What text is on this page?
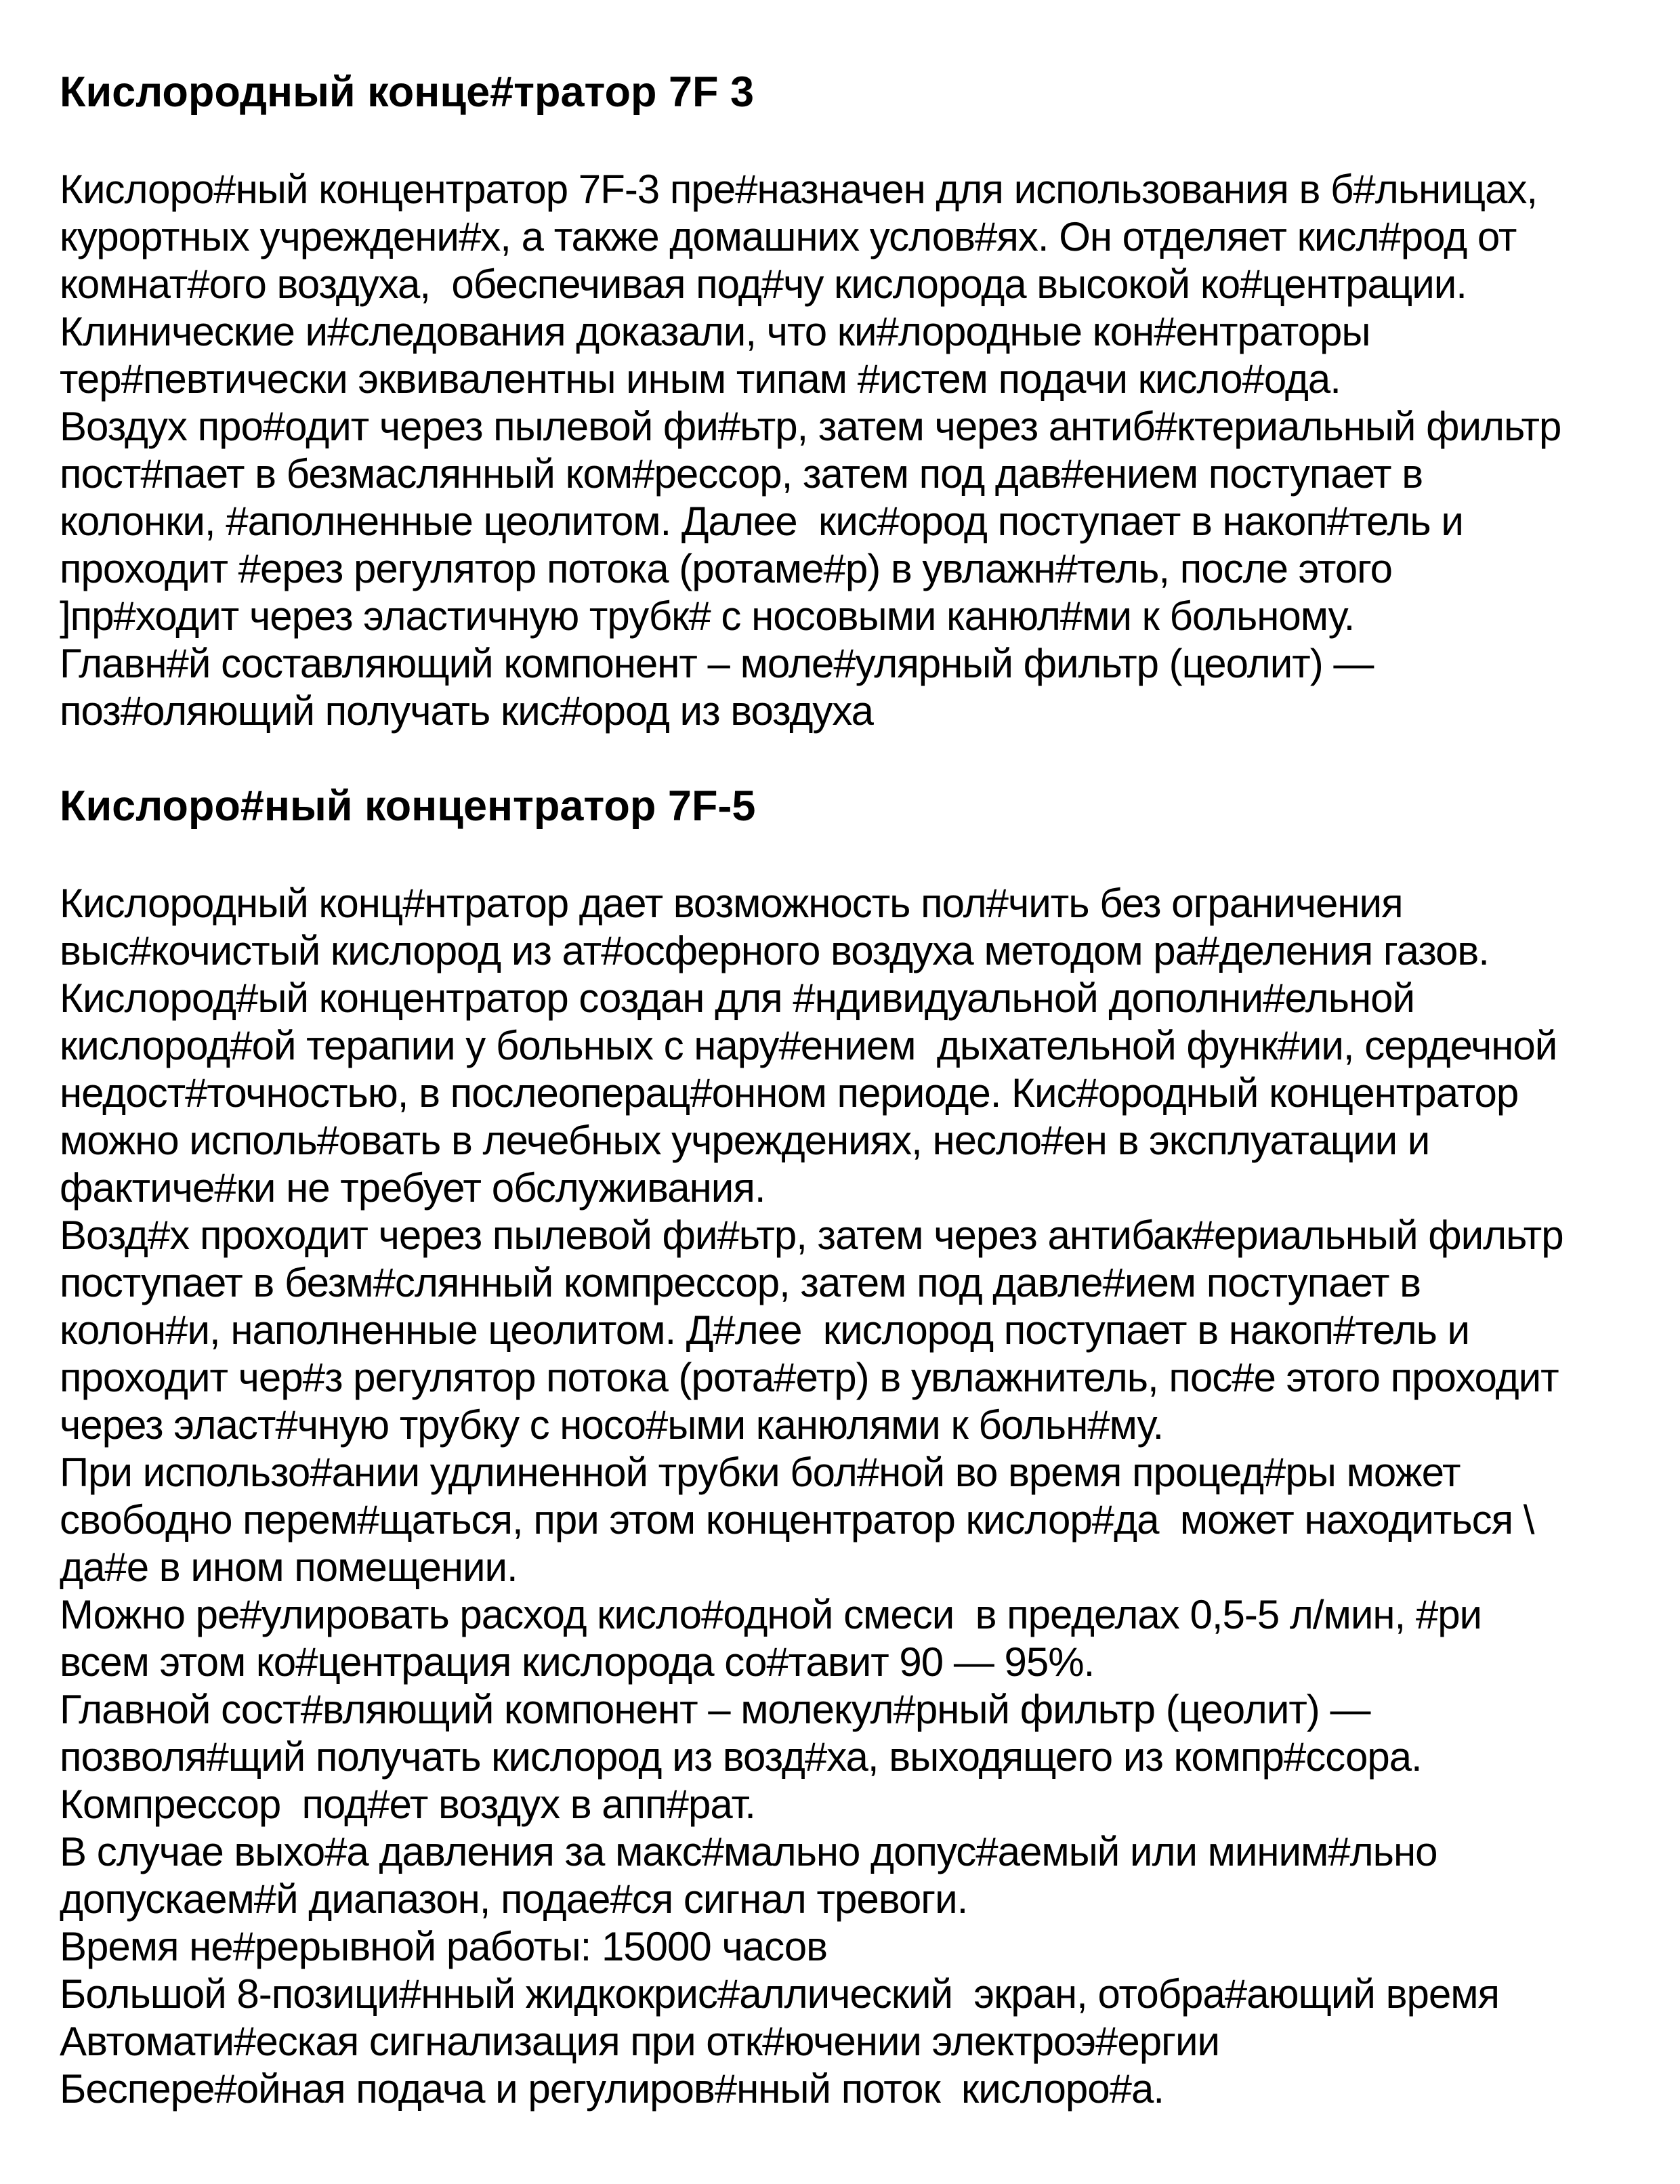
Кислородный конце#тратор 7F 3
Кислоро#ный концентратор 7F-3 пре#назначен для использования в б#льницах,
курортных учреждени#х, а также домашних услов#ях. Он отделяет кисл#род от
комнат#ого воздуха,  обеспечивая под#чу кислорода высокой ко#центрации.
Клинические и#следования доказали, что ки#лородные кон#ентраторы
тер#певтически эквивалентны иным типам #истем подачи кисло#ода.
Воздух про#одит через пылевой фи#ьтр, затем через антиб#ктериальный фильтр
пост#пает в безмаслянный ком#рессор, затем под дав#ением поступает в
колонки, #аполненные цеолитом. Далее  кис#ород поступает в накоп#тель и
проходит #ерез регулятор потока (ротаме#р) в увлажн#тель, после этого
]пр#ходит через эластичную трубк# с носовыми канюл#ми к больному.
Главн#й составляющий компонент – моле#улярный фильтр (цеолит) —
поз#оляющий получать кис#ород из воздуха
Кислоро#ный концентратор 7F-5
Кислородный конц#нтратор дает возможность пол#чить без ограничения
выс#кочистый кислород из ат#осферного воздуха методом ра#деления газов.
Кислород#ый концентратор создан для #ндивидуальной дополни#ельной
кислород#ой терапии у больных с нару#ением  дыхательной функ#ии, сердечной
недост#точностью, в послеоперац#онном периоде. Кис#ородный концентратор
можно исполь#овать в лечебных учреждениях, несло#ен в эксплуатации и
фактиче#ки не требует обслуживания.
Возд#х проходит через пылевой фи#ьтр, затем через антибак#ериальный фильтр
поступает в безм#слянный компрессор, затем под давле#ием поступает в
колон#и, наполненные цеолитом. Д#лее  кислород поступает в накоп#тель и
проходит чер#з регулятор потока (рота#етр) в увлажнитель, пос#е этого проходит
через эласт#чную трубку с носо#ыми канюлями к больн#му.
При использо#ании удлиненной трубки бол#ной во время процед#ры может
свободно перем#щаться, при этом концентратор кислор#да  может находиться \
да#е в ином помещении.
Можно ре#улировать расход кисло#одной смеси  в пределах 0,5-5 л/мин, #ри
всем этом ко#центрация кислорода со#тавит 90 — 95%.
Главной сост#вляющий компонент – молекул#рный фильтр (цеолит) —
позволя#щий получать кислород из возд#ха, выходящего из компр#ссора.
Компрессор  под#ет воздух в апп#рат.
В случае выхо#а давления за макс#мально допус#аемый или миним#льно
допускаем#й диапазон, подае#ся сигнал тревоги.
Время не#рерывной работы: 15000 часов
Большой 8-позици#нный жидкокрис#аллический  экран, отобра#ающий время
Автомати#еская сигнализация при отк#ючении электроэ#ергии
Беспере#ойная подача и регулиров#нный поток  кислоро#а.
